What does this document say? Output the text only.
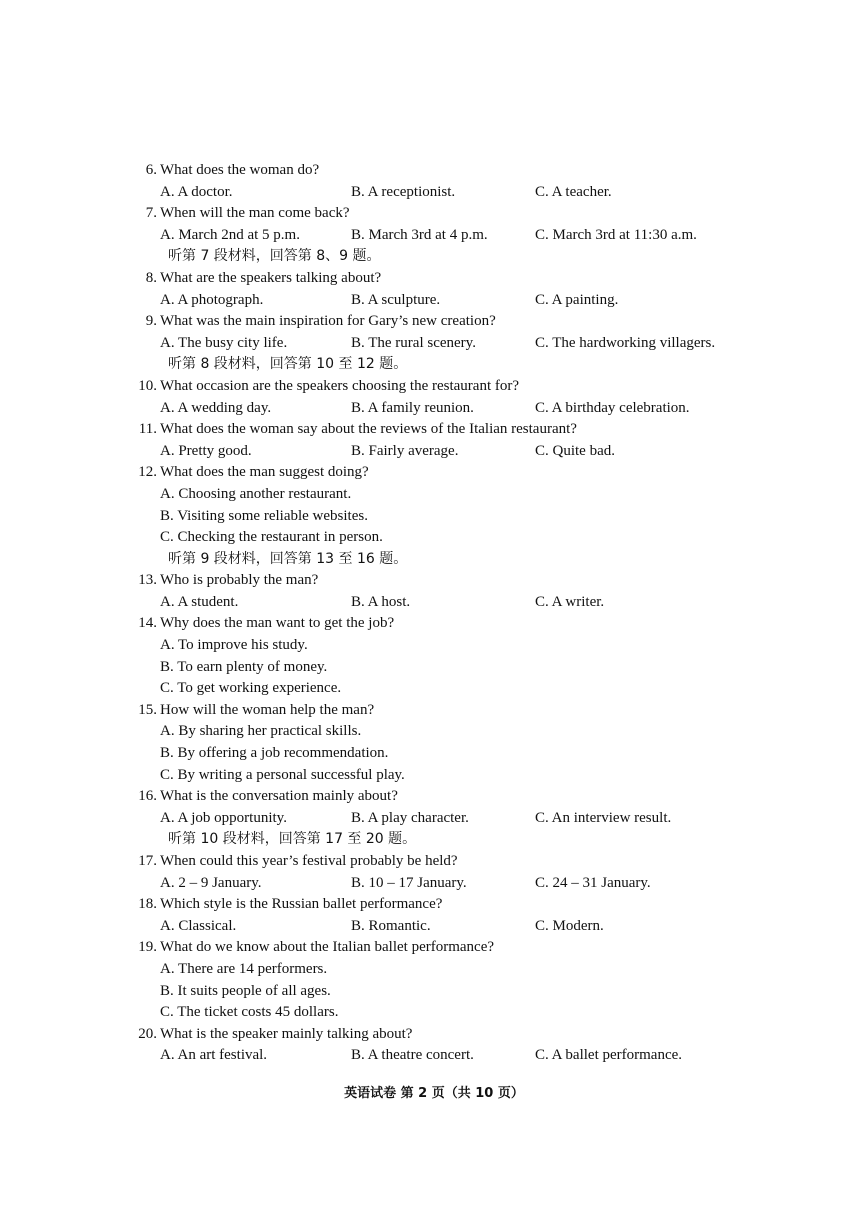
6. What does the woman do?
A. A doctor.	B. A receptionist.	C. A teacher.
7. When will the man come back?
A. March 2nd at 5 p.m.	B. March 3rd at 4 p.m.	C. March 3rd at 11:30 a.m.
听第 7 段材料，回答第 8、9 题。
8. What are the speakers talking about?
A. A photograph.	B. A sculpture.	C. A painting.
9. What was the main inspiration for Gary’s new creation?
A. The busy city life.	B. The rural scenery.	C. The hardworking villagers.
听第 8 段材料，回答第 10 至 12 题。
10. What occasion are the speakers choosing the restaurant for?
A. A wedding day.	B. A family reunion.	C. A birthday celebration.
11. What does the woman say about the reviews of the Italian restaurant?
A. Pretty good.	B. Fairly average.	C. Quite bad.
12. What does the man suggest doing?
A. Choosing another restaurant.
B. Visiting some reliable websites.
C. Checking the restaurant in person.
听第 9 段材料，回答第 13 至 16 题。
13. Who is probably the man?
A. A student.	B. A host.	C. A writer.
14. Why does the man want to get the job?
A. To improve his study.
B. To earn plenty of money.
C. To get working experience.
15. How will the woman help the man?
A. By sharing her practical skills.
B. By offering a job recommendation.
C. By writing a personal successful play.
16. What is the conversation mainly about?
A. A job opportunity.	B. A play character.	C. An interview result.
听第 10 段材料，回答第 17 至 20 题。
17. When could this year’s festival probably be held?
A. 2 – 9 January.	B. 10 – 17 January.	C. 24 – 31 January.
18. Which style is the Russian ballet performance?
A. Classical.	B. Romantic.	C. Modern.
19. What do we know about the Italian ballet performance?
A. There are 14 performers.
B. It suits people of all ages.
C. The ticket costs 45 dollars.
20. What is the speaker mainly talking about?
A. An art festival.	B. A theatre concert.	C. A ballet performance.
英语试卷 第 2 页（共 10 页）
